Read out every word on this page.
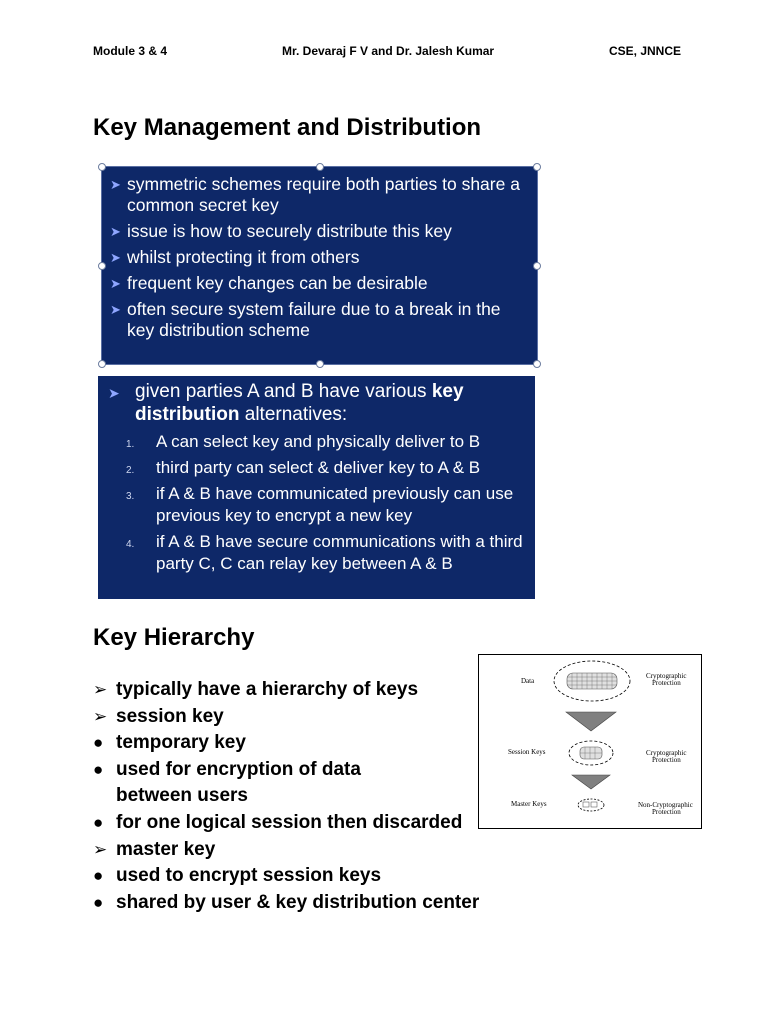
Module 3 & 4	Mr. Devaraj F V and Dr. Jalesh Kumar	CSE, JNNCE
Key Management and Distribution
➤ symmetric schemes require both parties to share a common secret key
➤ issue is how to securely distribute this key
➤ whilst protecting it from others
➤ frequent key changes can be desirable
➤ often secure system failure due to a break in the key distribution scheme
➤ given parties A and B have various key
distribution alternatives:
1. A can select key and physically deliver to B
2. third party can select & deliver key to A & B
3. if A & B have communicated previously can use previous key to encrypt a new key
4. if A & B have secure communications with a third party C, C can relay key between A & B
Key Hierarchy
➢ typically have a hierarchy of keys
➢ session key
● temporary key
● used for encryption of data between users
● for one logical session then discarded
➢ master key
● used to encrypt session keys
● shared by user & key distribution center
Data
Cryptographic
Protection
Session Keys	Cryptographic
Protection
Master Keys	Non-Cryptographic
Protection
